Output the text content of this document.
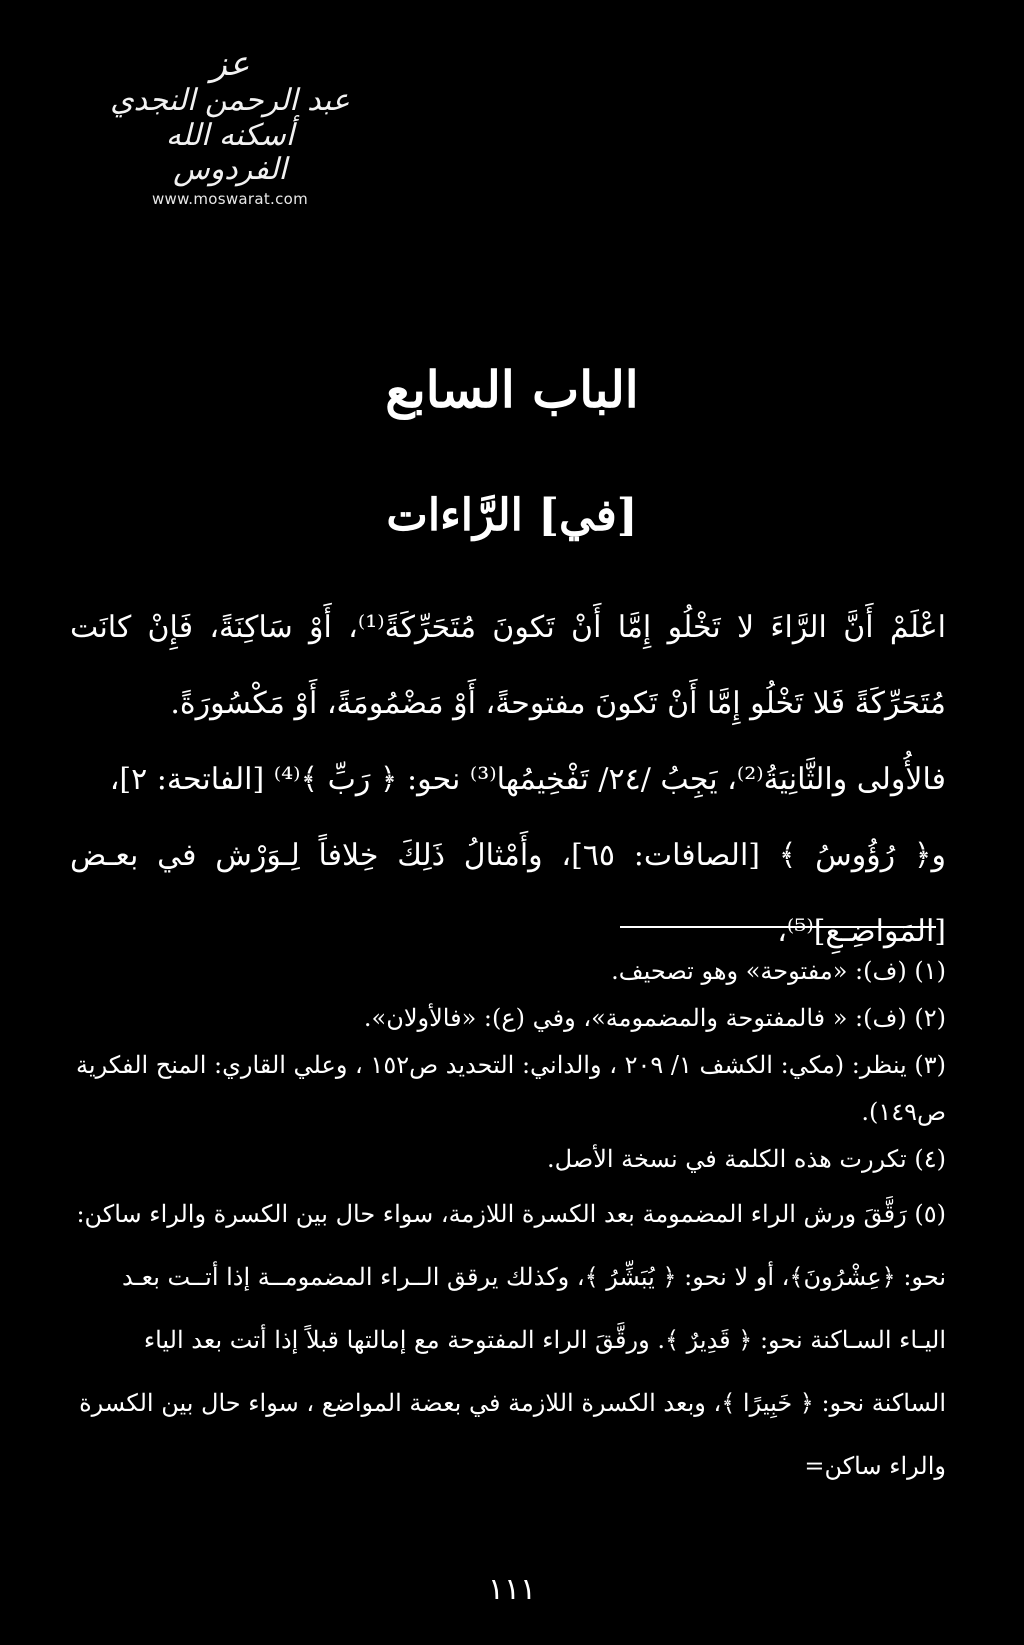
عز
عبد الرحمن النجدي
أسكنه الله الفردوس
www.moswarat.com
الباب السابع
[في] الرَّاءات

اعْلَمْ أَنَّ الرَّاءَ لا تَخْلُو إِمَّا أَنْ تَكونَ مُتَحَرِّكَةً⁽¹⁾، أَوْ سَاكِنَةً، فَإِنْ كانَت مُتَحَرِّكَةً فَلا تَخْلُو إِمَّا أَنْ تَكونَ مفتوحةً، أَوْ مَضْمُومَةً، أَوْ مَكْسُورَةً.

فالأُولى والثَّانِيَةُ⁽²⁾، يَجِبُ /٢٤/ تَفْخِيمُها⁽³⁾ نحو: ﴿ رَبِّ ﴾⁽⁴⁾ [الفاتحة: ٢]،

و﴿ رُؤُوسُ ﴾ [الصافات: ٦٥]، وأَمْثالُ ذَلِكَ خِلافاً لِـوَرْش في بعـض [المَواضِـعِ]⁽⁵⁾،

(١) (ف): «مفتوحة» وهو تصحيف.

(٢) (ف): « فالمفتوحة والمضمومة»، وفي (ع): «فالأولان».

(٣) ينظر: (مكي: الكشف ١/ ٢٠٩ ، والداني: التحديد ص١٥٢ ، وعلي القاري: المنح الفكرية ص١٤٩).

(٤) تكررت هذه الكلمة في نسخة الأصل.

(٥) رَقَّقَ ورش الراء المضمومة بعد الكسرة اللازمة، سواء حال بين الكسرة والراء ساكن: نحو: ﴿عِشْرُونَ﴾، أو لا نحو: ﴿ يُبَشِّرُ ﴾، وكذلك يرقق الــراء المضمومــة إذا أتــت بعـد اليـاء السـاكنة نحو: ﴿ قَدِيرٌ ﴾. ورقَّقَ الراء المفتوحة مع إمالتها قبلاً إذا أتت بعد الياء الساكنة نحو: ﴿ خَبِيرًا ﴾، وبعد الكسرة اللازمة في بعضة المواضع ، سواء حال بين الكسرة والراء ساكن=

١١١
